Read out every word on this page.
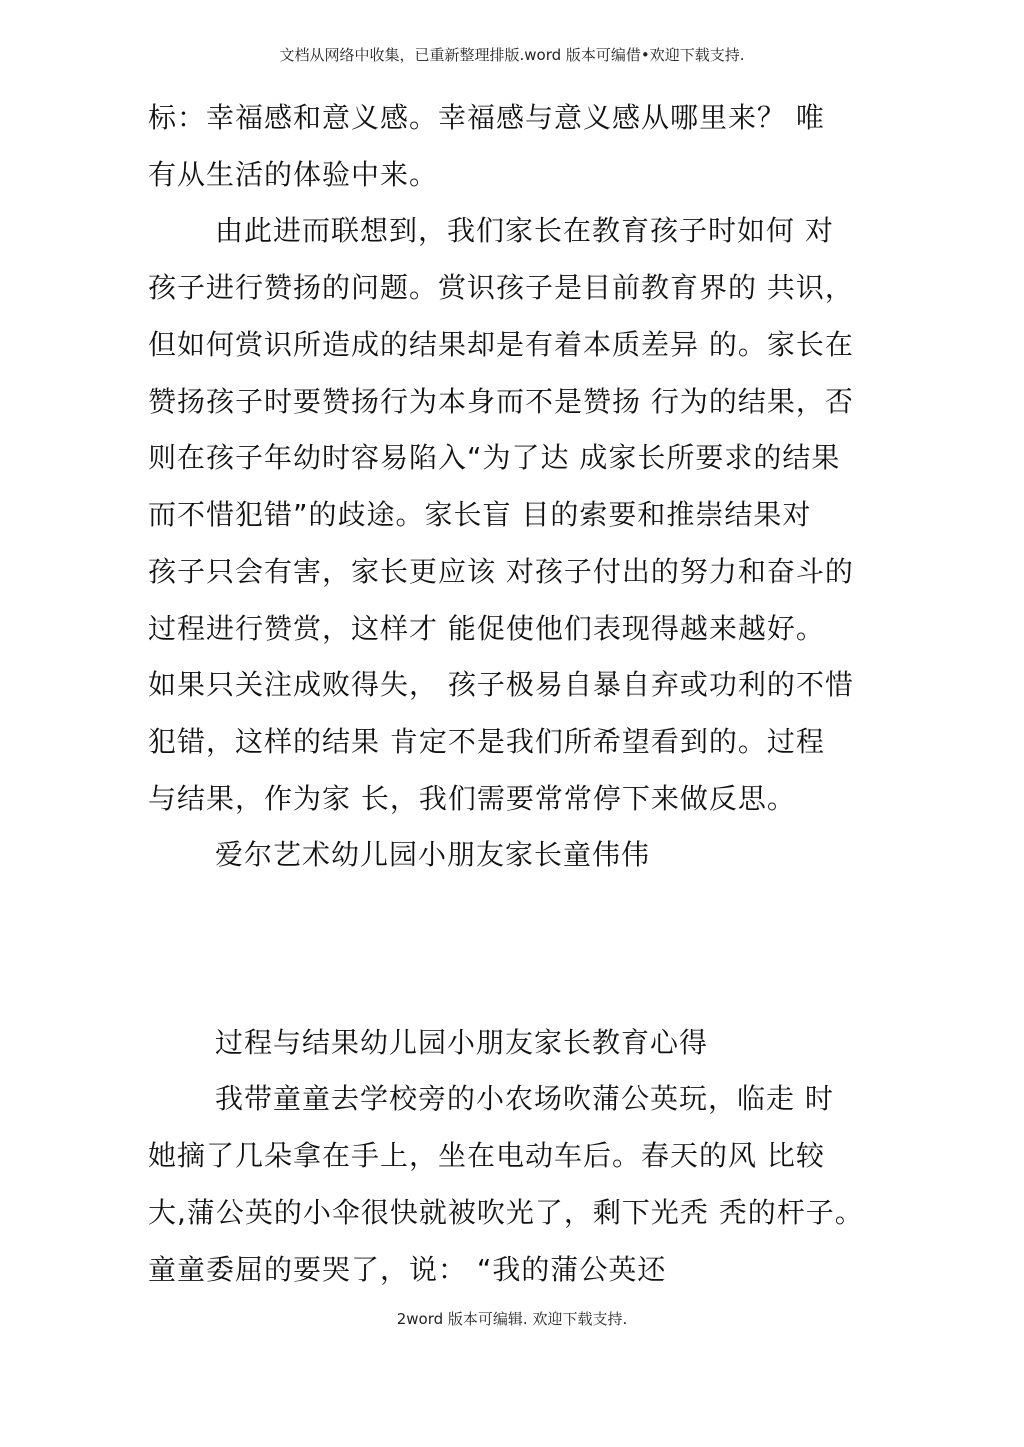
文档从网络中收集，已重新整理排版.word 版本可编借•欢迎下载支持.
标：幸福感和意义感。幸福感与意义感从哪里来？ 唯
有从生活的体验中来。
由此进而联想到，我们家长在教育孩子时如何 对
孩子进行赞扬的问题。赏识孩子是目前教育界的 共识，
但如何赏识所造成的结果却是有着本质差异 的。家长在
赞扬孩子时要赞扬行为本身而不是赞扬 行为的结果，否
则在孩子年幼时容易陷入“为了达 成家长所要求的结果
而不惜犯错”的歧途。家长盲 目的索要和推崇结果对
孩子只会有害，家长更应该 对孩子付出的努力和奋斗的
过程进行赞赏，这样才 能促使他们表现得越来越好。
如果只关注成败得失， 孩子极易自暴自弃或功利的不惜
犯错，这样的结果 肯定不是我们所希望看到的。过程
与结果，作为家 长，我们需要常常停下来做反思。
爱尔艺术幼儿园小朋友家长童伟伟
过程与结果幼儿园小朋友家长教育心得
我带童童去学校旁的小农场吹蒲公英玩，临走 时
她摘了几朵拿在手上，坐在电动车后。春天的风 比较
大,蒲公英的小伞很快就被吹光了，剩下光秃 秃的杆子。
童童委屈的要哭了，说： “我的蒲公英还
2word 版本可编辑. 欢迎下载支持.
